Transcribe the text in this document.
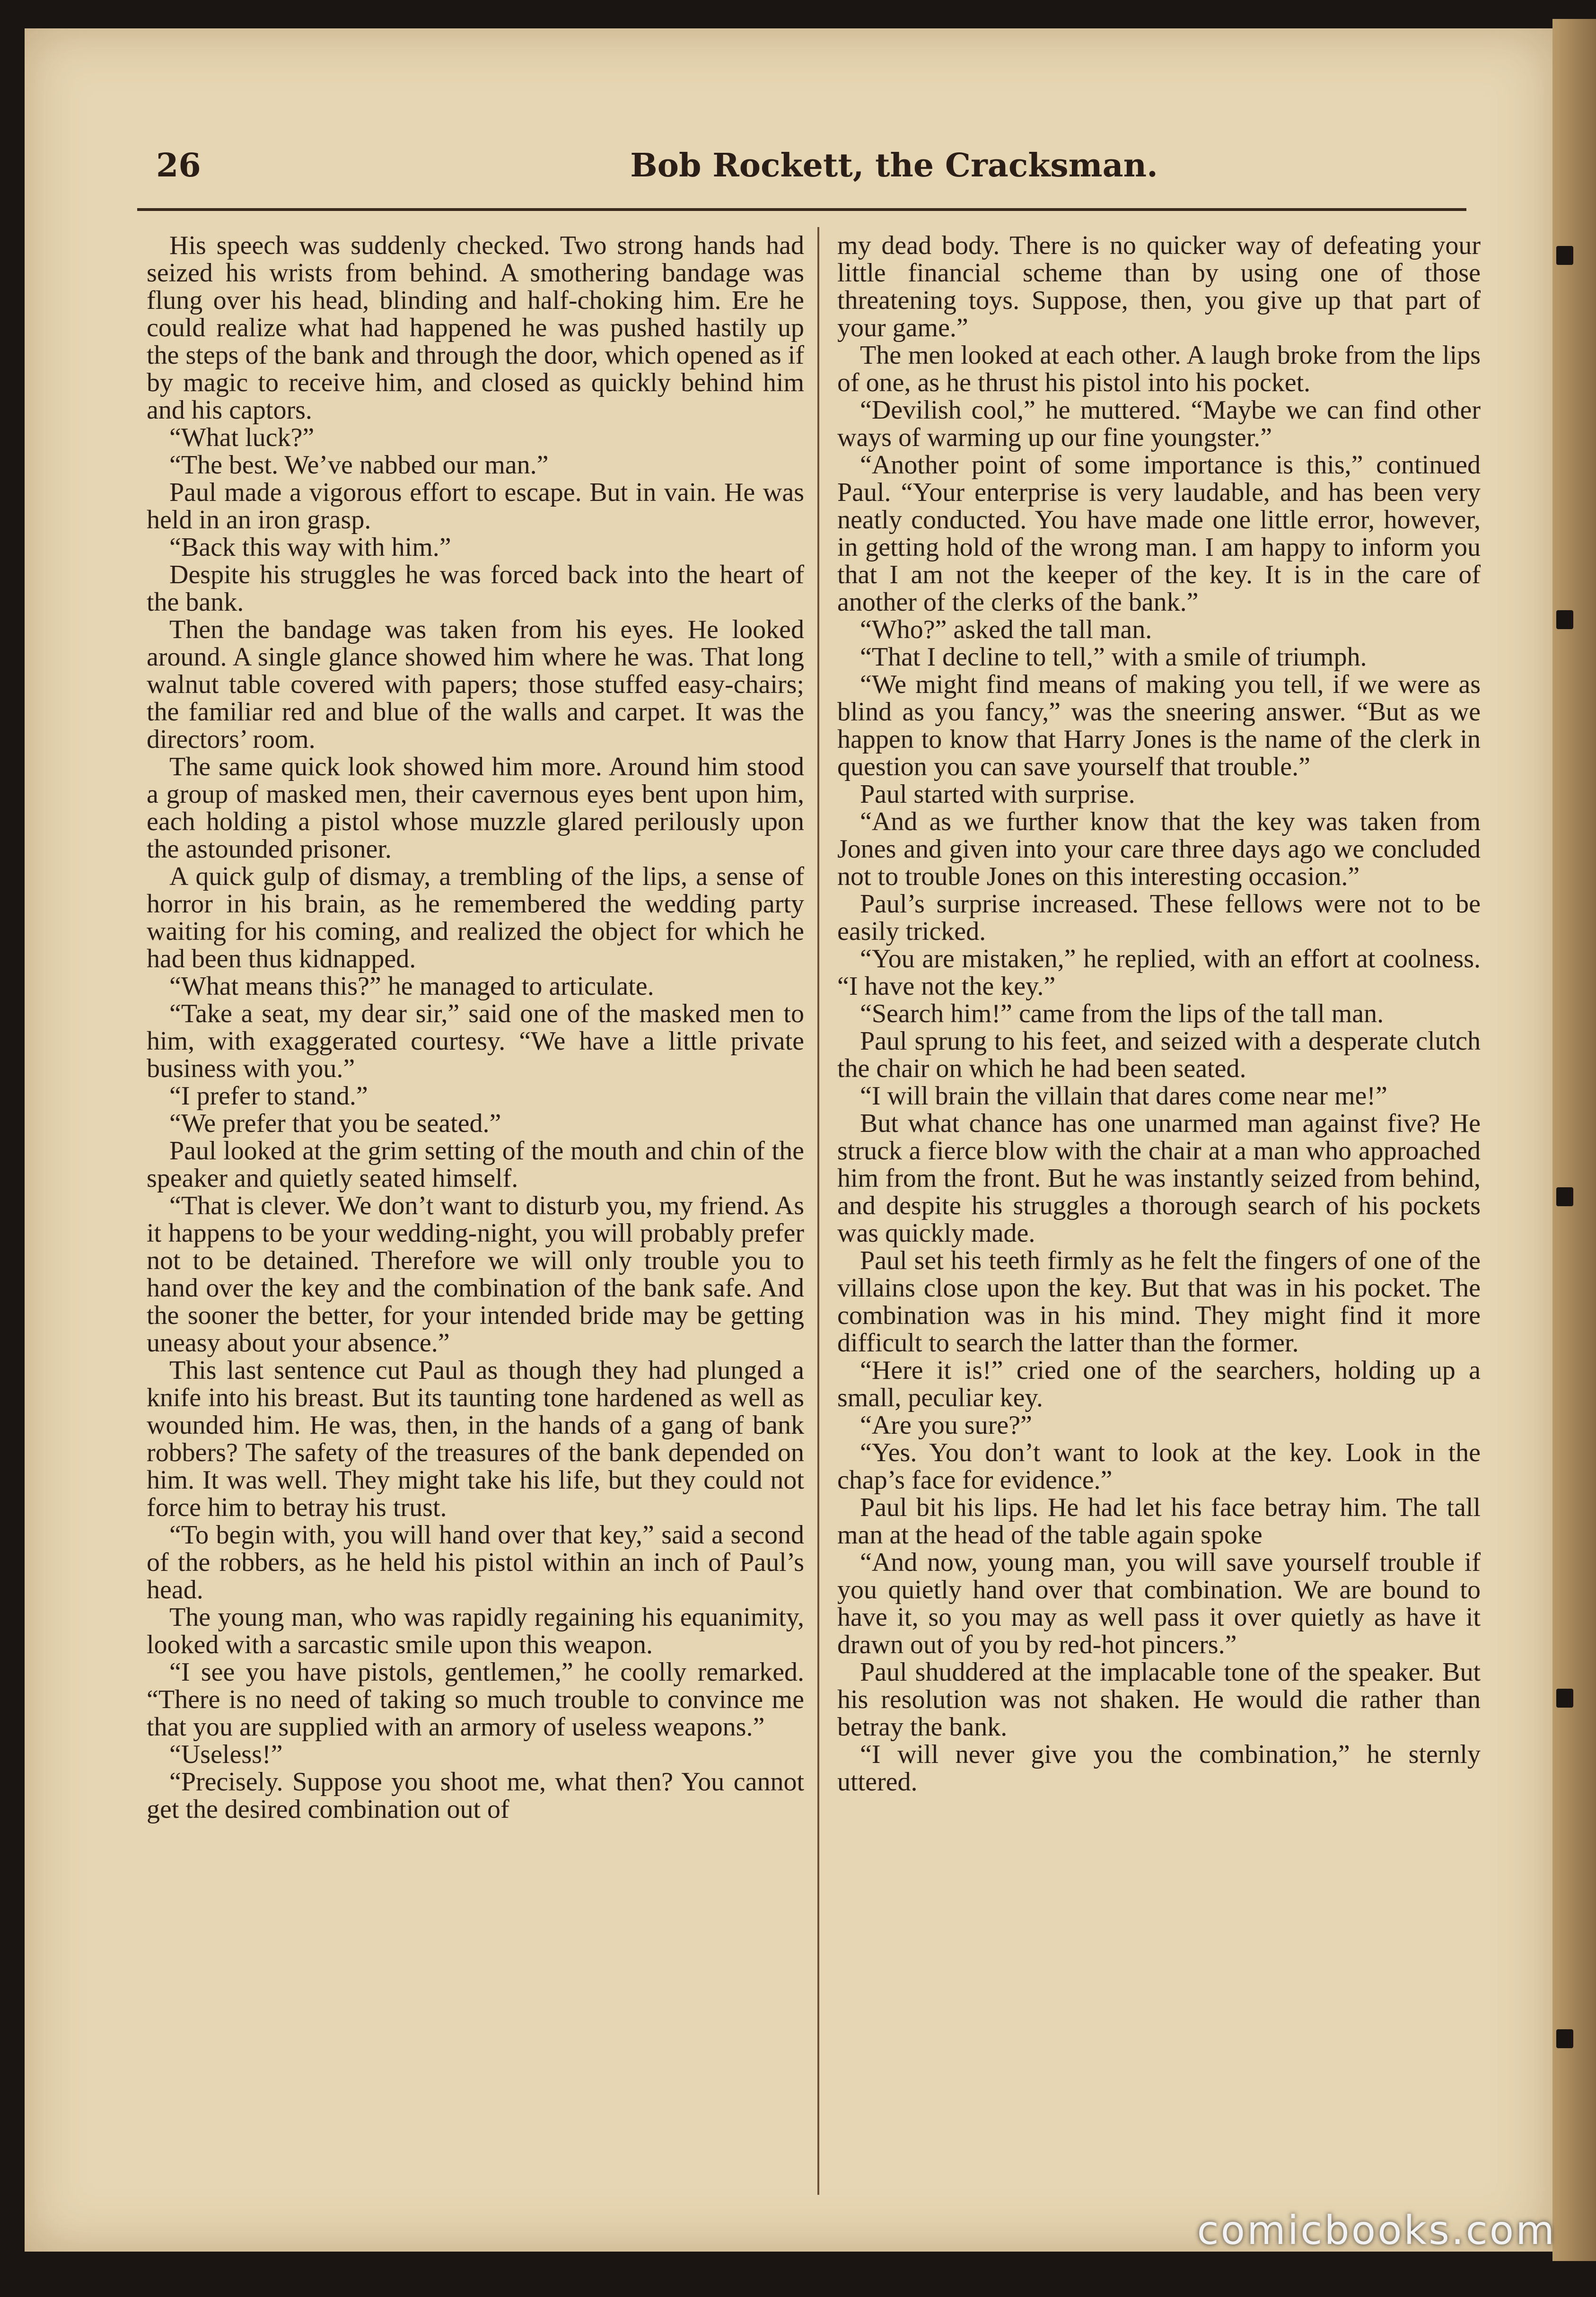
26	Bob Rockett, the Cracksman.

His speech was suddenly checked. Two strong hands had seized his wrists from behind. A smothering bandage was flung over his head, blinding and half-choking him. Ere he could realize what had happened he was pushed hastily up the steps of the bank and through the door, which opened as if by magic to receive him, and closed as quickly behind him and his captors.

“What luck?”

“The best. We’ve nabbed our man.”

Paul made a vigorous effort to escape. But in vain. He was held in an iron grasp.

“Back this way with him.”

Despite his struggles he was forced back into the heart of the bank.

Then the bandage was taken from his eyes. He looked around. A single glance showed him where he was. That long walnut table covered with papers; those stuffed easy-chairs; the familiar red and blue of the walls and carpet. It was the directors’ room.

The same quick look showed him more. Around him stood a group of masked men, their cavernous eyes bent upon him, each holding a pistol whose muzzle glared perilously upon the astounded prisoner.

A quick gulp of dismay, a trembling of the lips, a sense of horror in his brain, as he remembered the wedding party waiting for his coming, and realized the object for which he had been thus kidnapped.

“What means this?” he managed to articulate.

“Take a seat, my dear sir,” said one of the masked men to him, with exaggerated courtesy. “We have a little private business with you.”

“I prefer to stand.”

“We prefer that you be seated.”

Paul looked at the grim setting of the mouth and chin of the speaker and quietly seated himself.

“That is clever. We don’t want to disturb you, my friend. As it happens to be your wedding-night, you will probably prefer not to be detained. Therefore we will only trouble you to hand over the key and the combination of the bank safe. And the sooner the better, for your intended bride may be getting uneasy about your absence.”

This last sentence cut Paul as though they had plunged a knife into his breast. But its taunting tone hardened as well as wounded him. He was, then, in the hands of a gang of bank robbers? The safety of the treasures of the bank depended on him. It was well. They might take his life, but they could not force him to betray his trust.

“To begin with, you will hand over that key,” said a second of the robbers, as he held his pistol within an inch of Paul’s head.

The young man, who was rapidly regaining his equanimity, looked with a sarcastic smile upon this weapon.

“I see you have pistols, gentlemen,” he coolly remarked. “There is no need of taking so much trouble to convince me that you are supplied with an armory of useless weapons.”

“Useless!”

“Precisely. Suppose you shoot me, what then? You cannot get the desired combination out of

my dead body. There is no quicker way of defeating your little financial scheme than by using one of those threatening toys. Suppose, then, you give up that part of your game.”

The men looked at each other. A laugh broke from the lips of one, as he thrust his pistol into his pocket.

“Devilish cool,” he muttered. “Maybe we can find other ways of warming up our fine youngster.”

“Another point of some importance is this,” continued Paul. “Your enterprise is very laudable, and has been very neatly conducted. You have made one little error, however, in getting hold of the wrong man. I am happy to inform you that I am not the keeper of the key. It is in the care of another of the clerks of the bank.”

“Who?” asked the tall man.

“That I decline to tell,” with a smile of triumph.

“We might find means of making you tell, if we were as blind as you fancy,” was the sneering answer. “But as we happen to know that Harry Jones is the name of the clerk in question you can save yourself that trouble.”

Paul started with surprise.

“And as we further know that the key was taken from Jones and given into your care three days ago we concluded not to trouble Jones on this interesting occasion.”

Paul’s surprise increased. These fellows were not to be easily tricked.

“You are mistaken,” he replied, with an effort at coolness. “I have not the key.”

“Search him!” came from the lips of the tall man.

Paul sprung to his feet, and seized with a desperate clutch the chair on which he had been seated.

“I will brain the villain that dares come near me!”

But what chance has one unarmed man against five? He struck a fierce blow with the chair at a man who approached him from the front. But he was instantly seized from behind, and despite his struggles a thorough search of his pockets was quickly made.

Paul set his teeth firmly as he felt the fingers of one of the villains close upon the key. But that was in his pocket. The combination was in his mind. They might find it more difficult to search the latter than the former.

“Here it is!” cried one of the searchers, holding up a small, peculiar key.

“Are you sure?”

“Yes. You don’t want to look at the key. Look in the chap’s face for evidence.”

Paul bit his lips. He had let his face betray him. The tall man at the head of the table again spoke

“And now, young man, you will save yourself trouble if you quietly hand over that combination. We are bound to have it, so you may as well pass it over quietly as have it drawn out of you by red-hot pincers.”

Paul shuddered at the implacable tone of the speaker. But his resolution was not shaken. He would die rather than betray the bank.

“I will never give you the combination,” he sternly uttered.

comicbooks.com
